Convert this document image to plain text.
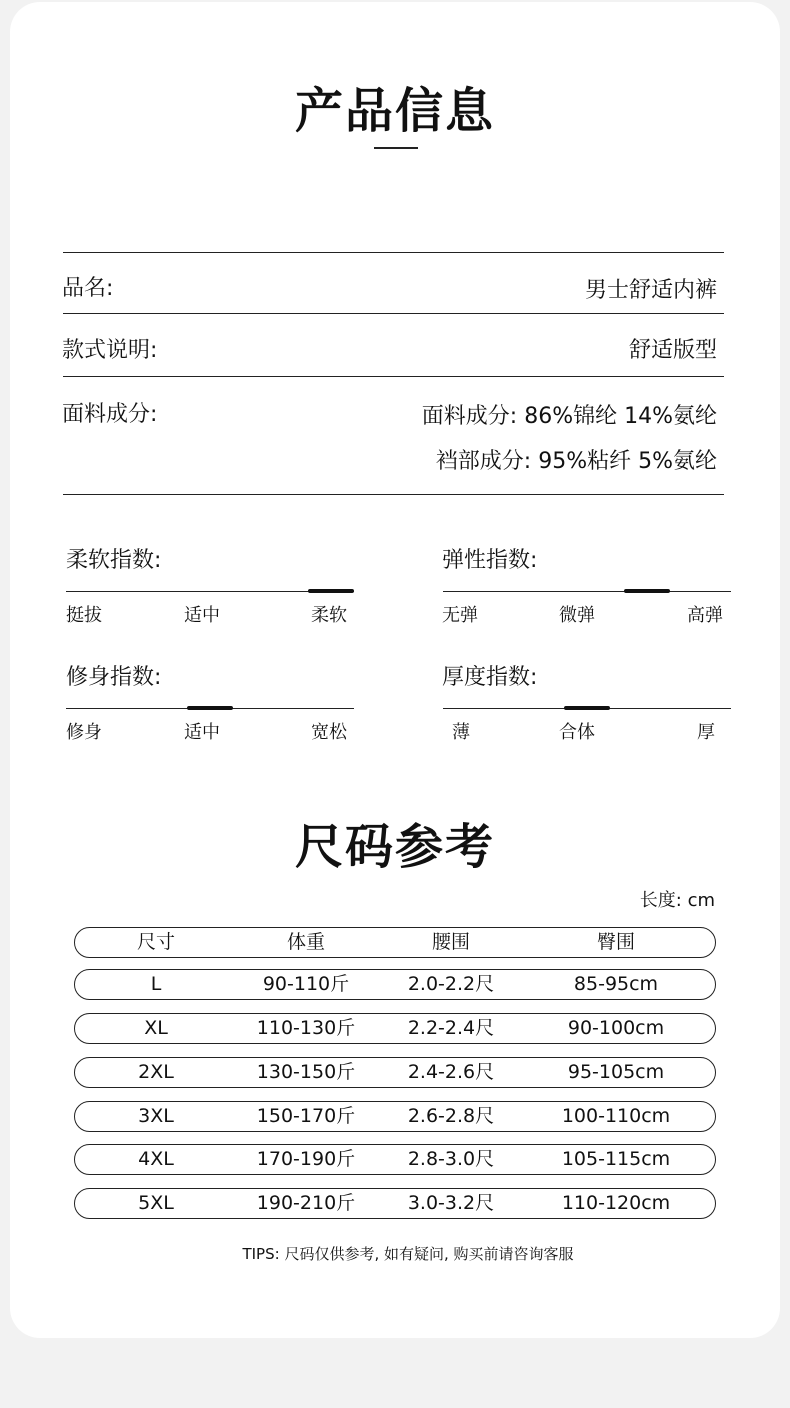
产品信息
品名:	男士舒适内裤
款式说明:	舒适版型
面料成分:	面料成分: 86%锦纶 14%氨纶
裆部成分: 95%粘纤 5%氨纶
柔软指数:
挺拔	适中	柔软
弹性指数:
无弹	微弹	高弹
修身指数:
修身	适中	宽松
厚度指数:
薄	合体	厚
尺码参考
长度: cm
尺寸	体重	腰围	臀围
L	90-110斤	2.0-2.2尺	85-95cm
XL	110-130斤	2.2-2.4尺	90-100cm
2XL	130-150斤	2.4-2.6尺	95-105cm
3XL	150-170斤	2.6-2.8尺	100-110cm
4XL	170-190斤	2.8-3.0尺	105-115cm
5XL	190-210斤	3.0-3.2尺	110-120cm
TIPS: 尺码仅供参考, 如有疑问, 购买前请咨询客服
